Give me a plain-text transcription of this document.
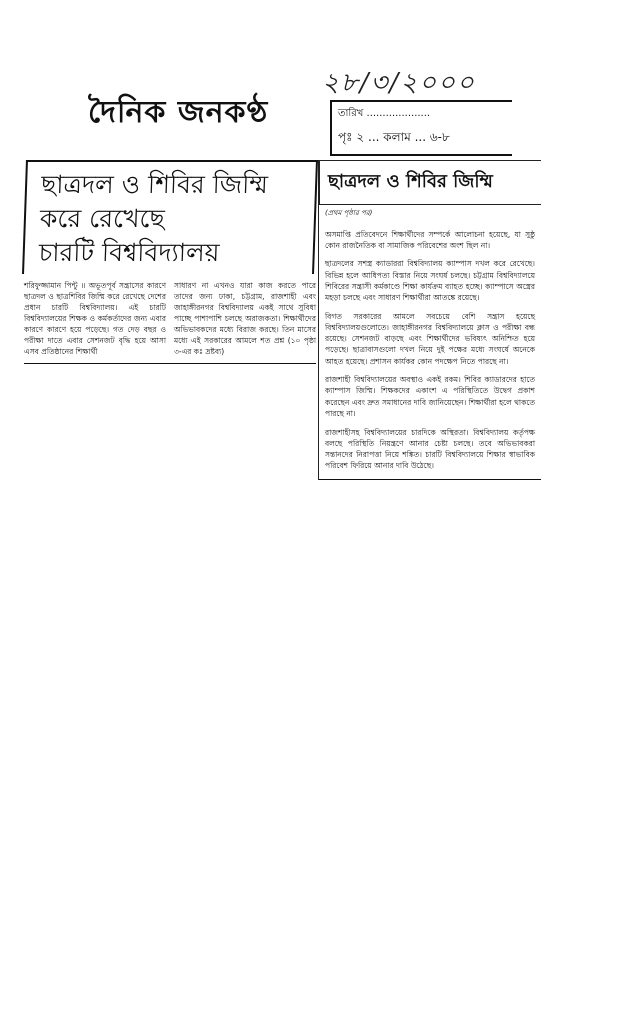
দৈনিক জনকণ্ঠ
২৮/৩/২০০০
তারিখ ....................
পৃঃ ২ ... কলাম ... ৬-৮
ছাত্রদল ও শিবির জিম্মি
করে রেখেছে
চারটি বিশ্ববিদ্যালয়
শরিফুজ্জামান পিন্টু ॥ অভূতপূর্ব সন্ত্রাসের কারণে ছাত্রদল ও ছাত্রশিবির জিম্মি করে রেখেছে দেশের প্রধান চারটি বিশ্ববিদ্যালয়। এই চারটি বিশ্ববিদ্যালয়ের শিক্ষক ও কর্মকর্তাদের জন্য এবার কারণে কারণে হয়ে পড়েছে। গত দেড় বছর ও পরীক্ষা দাতে এবার সেশনজট বৃদ্ধি হয়ে আসা এসব প্রতিষ্ঠানের শিক্ষার্থী
সাধারণ না এখনও যারা কাজ করতে পারে তাদের জন্য ঢাকা, চট্টগ্রাম, রাজশাহী এবং জাহাঙ্গীরনগর বিশ্ববিদ্যালয় একই সাথে সুবিধা পাচ্ছে পাশাপাশি চলছে অরাজকতা। শিক্ষার্থীদের অভিভাবকদের মধ্যে বিরাজ করছে। তিন মাসের মধ্যে এই সরকারের আমলে শত প্রশ্ন (১০ পৃষ্ঠা ৩-এর কঃ দ্রষ্টব্য)
ছাত্রদল ও শিবির জিম্মি
(প্রথম পৃষ্ঠার পর)

অসমাপ্তি প্রতিবেদনে শিক্ষার্থীদের সম্পর্কে আলোচনা হয়েছে, যা সুষ্ঠু কোন রাজনৈতিক বা সামাজিক পরিবেশের অংশ ছিল না।

ছাত্রদলের সশস্ত্র ক্যাডাররা বিশ্ববিদ্যালয় ক্যাম্পাস দখল করে রেখেছে। বিভিন্ন হলে আধিপত্য বিস্তার নিয়ে সংঘর্ষ চলছে। চট্টগ্রাম বিশ্ববিদ্যালয়ে শিবিরের সন্ত্রাসী কর্মকাণ্ডে শিক্ষা কার্যক্রম ব্যাহত হচ্ছে। ক্যাম্পাসে অস্ত্রের মহড়া চলছে এবং সাধারণ শিক্ষার্থীরা আতঙ্কে রয়েছে।

বিগত সরকারের আমলে সবচেয়ে বেশি সন্ত্রাস হয়েছে বিশ্ববিদ্যালয়গুলোতে। জাহাঙ্গীরনগর বিশ্ববিদ্যালয়ে ক্লাস ও পরীক্ষা বন্ধ রয়েছে। সেশনজট বাড়ছে এবং শিক্ষার্থীদের ভবিষ্যৎ অনিশ্চিত হয়ে পড়েছে। ছাত্রাবাসগুলো দখল নিয়ে দুই পক্ষের মধ্যে সংঘর্ষে অনেকে আহত হয়েছে। প্রশাসন কার্যকর কোন পদক্ষেপ নিতে পারছে না।

রাজশাহী বিশ্ববিদ্যালয়ের অবস্থাও একই রকম। শিবির ক্যাডারদের হাতে ক্যাম্পাস জিম্মি। শিক্ষকদের একাংশ এ পরিস্থিতিতে উদ্বেগ প্রকাশ করেছেন এবং দ্রুত সমাধানের দাবি জানিয়েছেন। শিক্ষার্থীরা হলে থাকতে পারছে না।

রাজশাহীসহ বিশ্ববিদ্যালয়ের চারদিকে অস্থিরতা। বিশ্ববিদ্যালয় কর্তৃপক্ষ বলছে পরিস্থিতি নিয়ন্ত্রণে আনার চেষ্টা চলছে। তবে অভিভাবকরা সন্তানদের নিরাপত্তা নিয়ে শঙ্কিত। চারটি বিশ্ববিদ্যালয়ে শিক্ষার স্বাভাবিক পরিবেশ ফিরিয়ে আনার দাবি উঠেছে।
